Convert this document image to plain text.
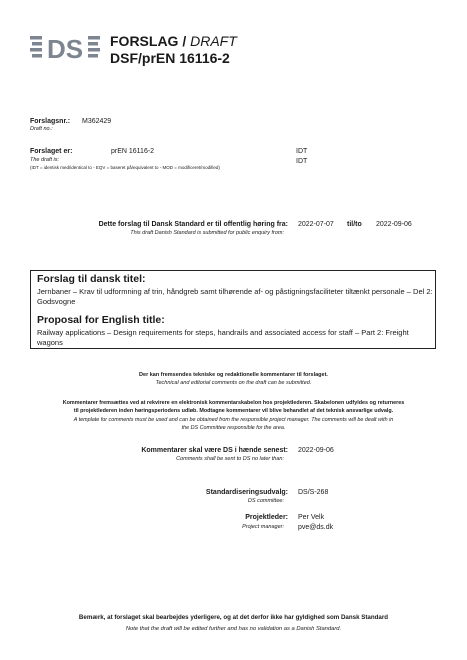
DS FORSLAG / DRAFT
DSF/prEN 16116-2
Forslagsnr.: M362429
Draft no.:
Forslaget er:	prEN 16116-2	IDT
The draft is:	IDT
(IDT = identisk med/identical to - EQV = baseret på/equivalent to - MOD = modificeret/modified)
Dette forslag til Dansk Standard er til offentlig høring fra: 2022-07-07 til/to 2022-09-06
This draft Danish Standard is submitted for public enquiry from:
Forslag til dansk titel:
Jernbaner – Krav til udformning af trin, håndgreb samt tilhørende af- og påstigningsfaciliteter tiltænkt personale – Del 2: Godsvogne
Proposal for English title:
Railway applications – Design requirements for steps, handrails and associated access for staff – Part 2: Freight wagons
Der kan fremsendes tekniske og redaktionelle kommentarer til forslaget.
Technical and editorial comments on the draft can be submitted.
Kommentarer fremsættes ved at rekvirere en elektronisk kommentarskabelon hos projektlederen. Skabelonen udfyldes og returneres
til projektlederen inden høringsperiodens udløb. Modtagne kommentarer vil blive behandlet af det teknisk ansvarlige udvalg.
A template for comments must be used and can be obtained from the responsible project manager. The comments will be dealt with in
the DS Committee responsible for the area.
Kommentarer skal være DS i hænde senest: 2022-09-06
Comments shall be sent to DS no later than:
Standardiseringsudvalg: DS/S-268
DS committee:
Projektleder: Per Velk
Project manager: pve@ds.dk
Bemærk, at forslaget skal bearbejdes yderligere, og at det derfor ikke har gyldighed som Dansk Standard
Note that the draft will be edited further and has no validation as a Danish Standard.
